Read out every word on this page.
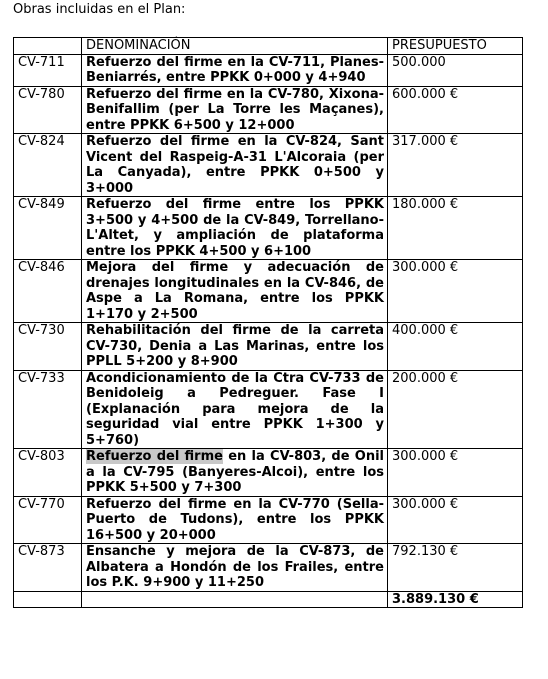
Obras incluidas en el Plan:
	DENOMINACIÓN	PRESUPUESTO
CV-711	Refuerzo del firme en la CV-711, Planes-Beniarrés, entre PPKK 0+000 y 4+940	500.000
CV-780	Refuerzo del firme en la CV-780, Xixona-Benifallim (per La Torre les Maçanes), entre PPKK 6+500 y 12+000	600.000 €
CV-824	Refuerzo del firme en la CV-824, Sant Vicent del Raspeig-A-31 L'Alcoraia (per La Canyada), entre PPKK 0+500 y 3+000	317.000 €
CV-849	Refuerzo del firme entre los PPKK 3+500 y 4+500 de la CV-849, Torrellano-L'Altet, y ampliación de plataforma entre los PPKK 4+500 y 6+100	180.000 €
CV-846	Mejora del firme y adecuación de drenajes longitudinales en la CV-846, de Aspe a La Romana, entre los PPKK 1+170 y 2+500	300.000 €
CV-730	Rehabilitación del firme de la carreta CV-730, Denia a Las Marinas, entre los PPLL 5+200 y 8+900	400.000 €
CV-733	Acondicionamiento de la Ctra CV-733 de Benidoleig a Pedreguer. Fase I (Explanación para mejora de la seguridad vial entre PPKK 1+300 y 5+760)	200.000 €
CV-803	Refuerzo del firme en la CV-803, de Onil a la CV-795 (Banyeres-Alcoi), entre los PPKK 5+500 y 7+300	300.000 €
CV-770	Refuerzo del firme en la CV-770 (Sella-Puerto de Tudons), entre los PPKK 16+500 y 20+000	300.000 €
CV-873	Ensanche y mejora de la CV-873, de Albatera a Hondón de los Frailes, entre los P.K. 9+900 y 11+250	792.130 €
		3.889.130 €
